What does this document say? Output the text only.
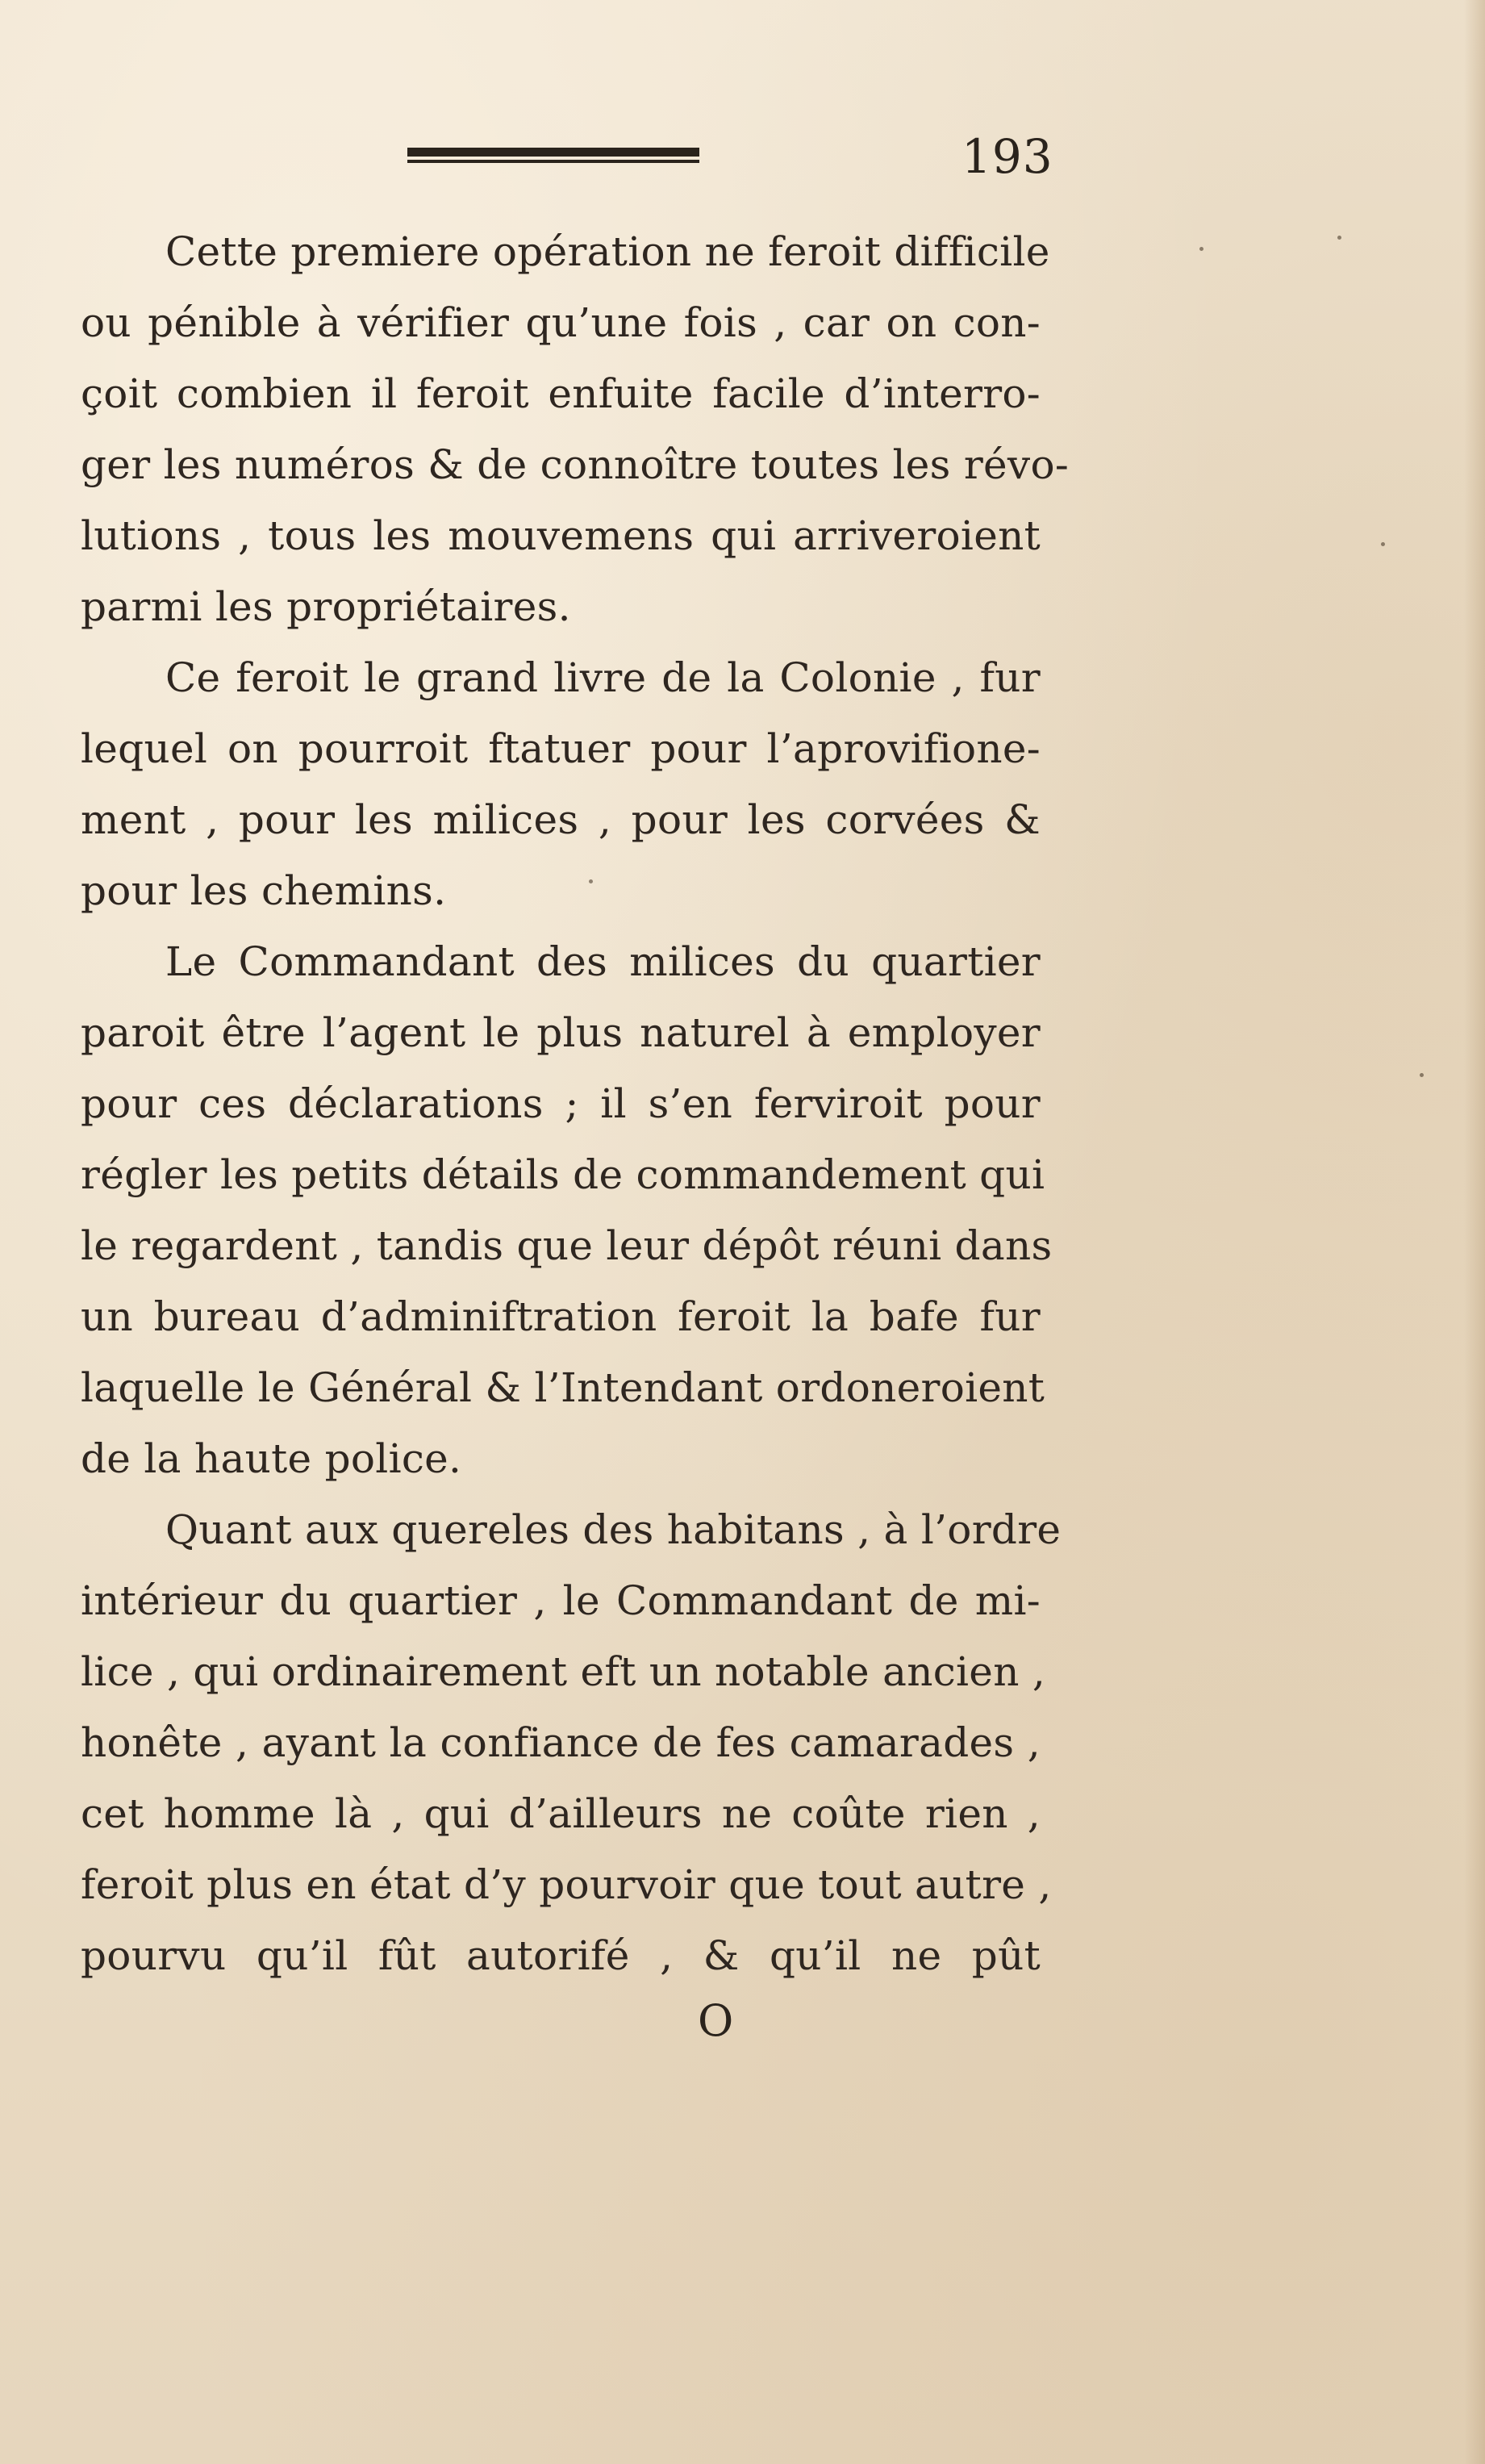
193
Cette premiere opération ne feroit difficile
ou pénible à vérifier qu’une fois , car on con-
çoit combien il feroit enfuite facile d’interro-
ger les numéros & de connoître toutes les révo-
lutions , tous les mouvemens qui arriveroient
parmi les propriétaires.
Ce feroit le grand livre de la Colonie , fur
lequel on pourroit ftatuer pour l’aprovifione-
ment , pour les milices , pour les corvées &
pour les chemins.
Le Commandant des milices du quartier
paroit être l’agent le plus naturel à employer
pour ces déclarations ; il s’en ferviroit pour
régler les petits détails de commandement qui
le regardent , tandis que leur dépôt réuni dans
un bureau d’adminiftration feroit la bafe fur
laquelle le Général & l’Intendant ordoneroient
de la haute police.
Quant aux quereles des habitans , à l’ordre
intérieur du quartier , le Commandant de mi-
lice , qui ordinairement eft un notable ancien ,
honête , ayant la confiance de fes camarades ,
cet homme là , qui d’ailleurs ne coûte rien ,
feroit plus en état d’y pourvoir que tout autre ,
pourvu qu’il fût autorifé , & qu’il ne pût
O
